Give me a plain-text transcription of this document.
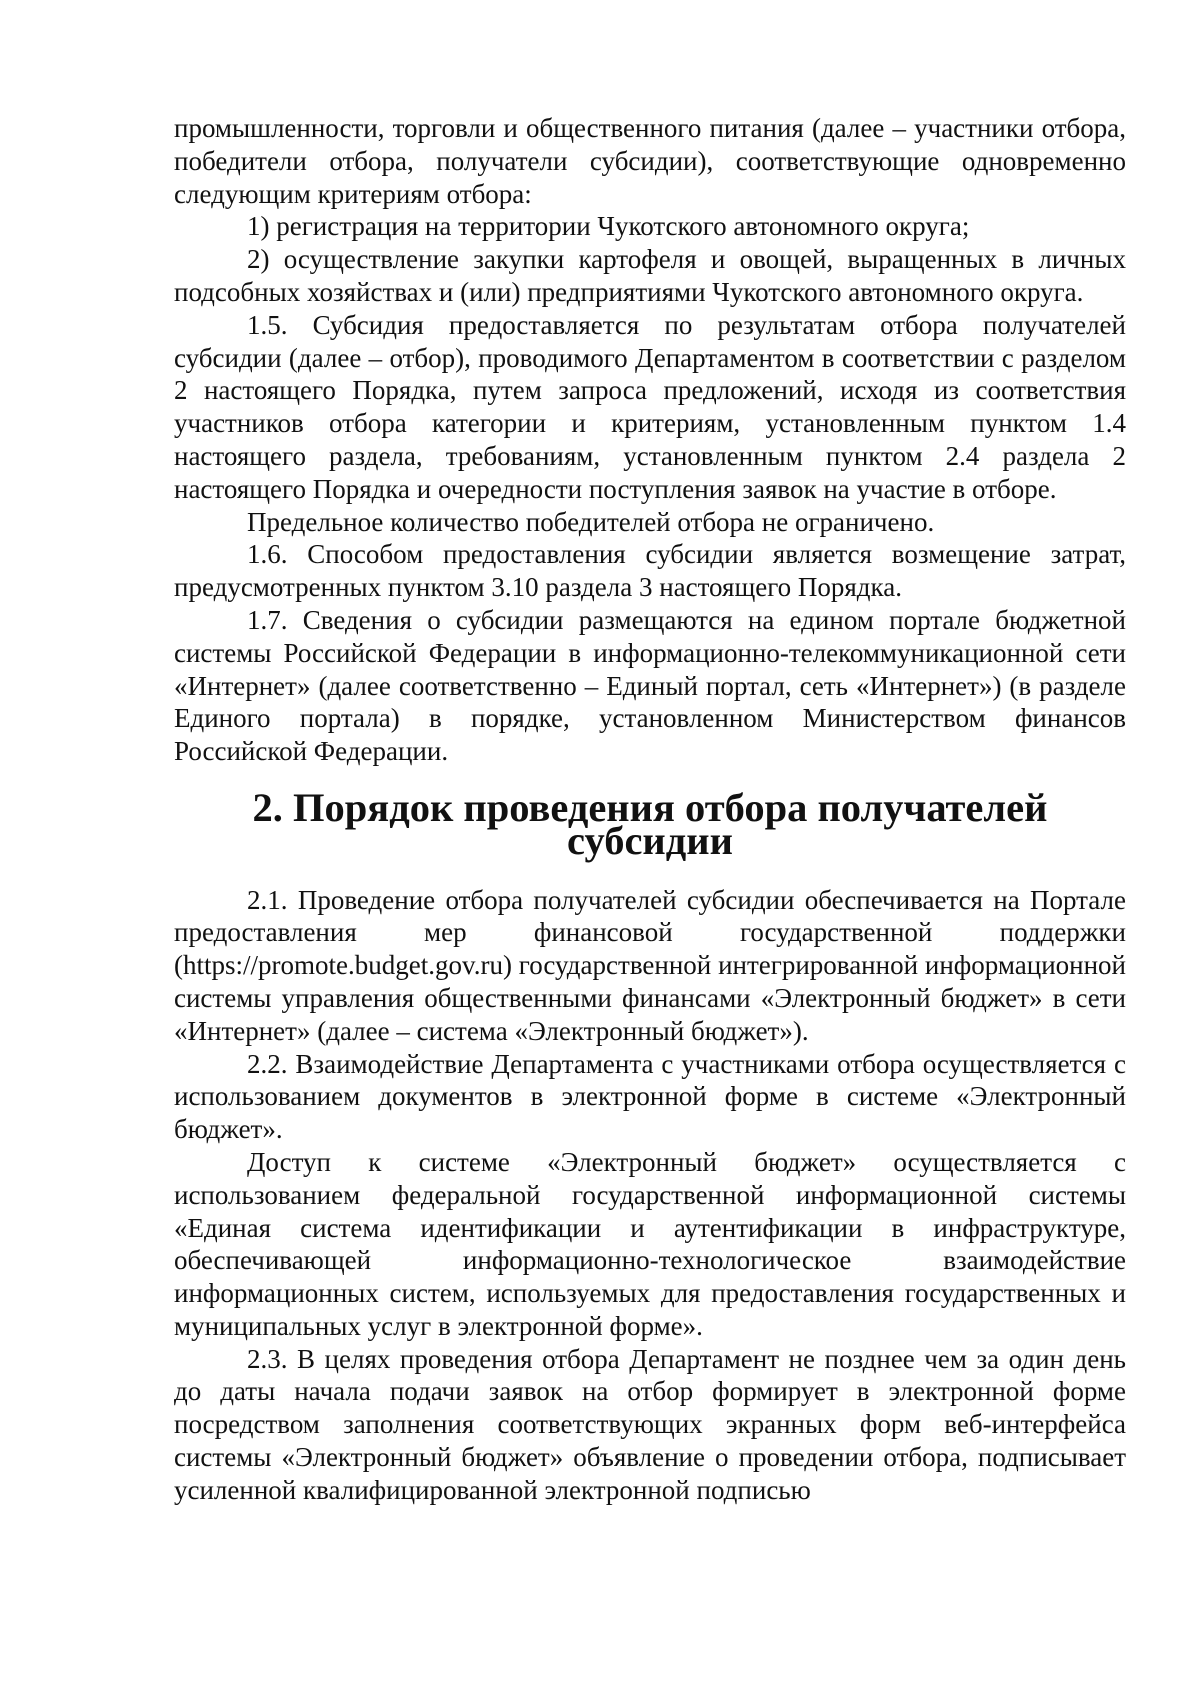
промышленности, торговли и общественного питания (далее – участники отбора, победители отбора, получатели субсидии), соответствующие одновременно следующим критериям отбора:

1) регистрация на территории Чукотского автономного округа;

2) осуществление закупки картофеля и овощей, выращенных в личных подсобных хозяйствах и (или) предприятиями Чукотского автономного округа.

1.5. Субсидия предоставляется по результатам отбора получателей субсидии (далее – отбор), проводимого Департаментом в соответствии с разделом 2 настоящего Порядка, путем запроса предложений, исходя из соответствия участников отбора категории и критериям, установленным пунктом 1.4 настоящего раздела, требованиям, установленным пунктом 2.4 раздела 2 настоящего Порядка и очередности поступления заявок на участие в отборе.

Предельное количество победителей отбора не ограничено.

1.6. Способом предоставления субсидии является возмещение затрат, предусмотренных пунктом 3.10 раздела 3 настоящего Порядка.

1.7. Сведения о субсидии размещаются на едином портале бюджетной системы Российской Федерации в информационно-телекоммуникационной сети «Интернет» (далее соответственно – Единый портал, сеть «Интернет») (в разделе Единого портала) в порядке, установленном Министерством финансов Российской Федерации.

2. Порядок проведения отбора получателей субсидии

2.1. Проведение отбора получателей субсидии обеспечивается на Портале предоставления мер финансовой государственной поддержки (https://promote.budget.gov.ru) государственной интегрированной информационной системы управления общественными финансами «Электронный бюджет» в сети «Интернет» (далее – система «Электронный бюджет»).

2.2. Взаимодействие Департамента с участниками отбора осуществляется с использованием документов в электронной форме в системе «Электронный бюджет».

Доступ к системе «Электронный бюджет» осуществляется с использованием федеральной государственной информационной системы «Единая система идентификации и аутентификации в инфраструктуре, обеспечивающей информационно-технологическое взаимодействие информационных систем, используемых для предоставления государственных и муниципальных услуг в электронной форме».

2.3. В целях проведения отбора Департамент не позднее чем за один день до даты начала подачи заявок на отбор формирует в электронной форме посредством заполнения соответствующих экранных форм веб-интерфейса системы «Электронный бюджет» объявление о проведении отбора, подписывает усиленной квалифицированной электронной подписью
